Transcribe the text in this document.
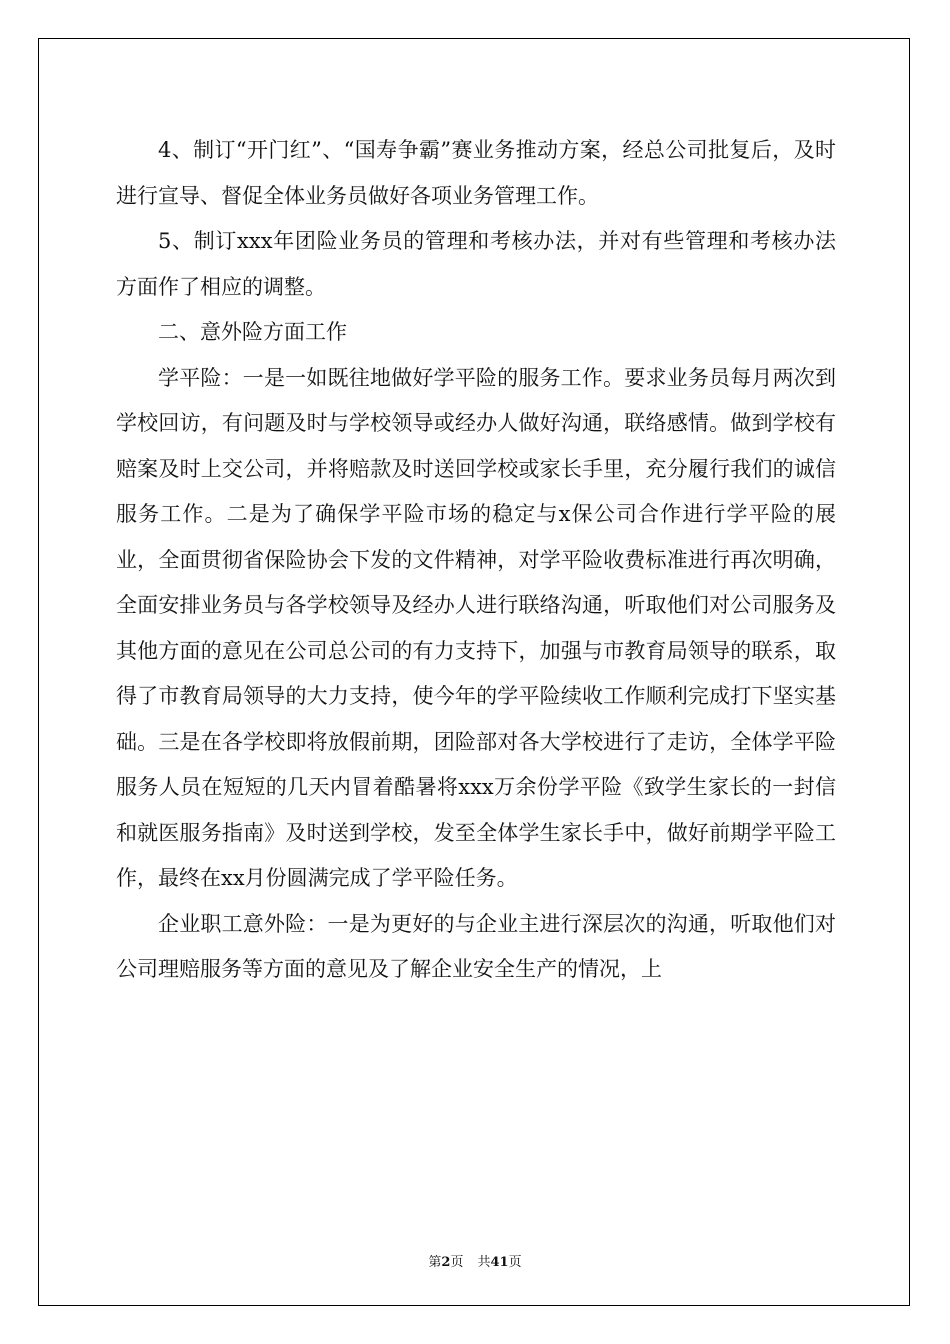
4、制订“开门红”、“国寿争霸”赛业务推动方案，经总公司批复后，及时进行宣导、督促全体业务员做好各项业务管理工作。

5、制订xxx年团险业务员的管理和考核办法，并对有些管理和考核办法方面作了相应的调整。

二、意外险方面工作

学平险：一是一如既往地做好学平险的服务工作。要求业务员每月两次到学校回访，有问题及时与学校领导或经办人做好沟通，联络感情。做到学校有赔案及时上交公司，并将赔款及时送回学校或家长手里，充分履行我们的诚信服务工作。二是为了确保学平险市场的稳定与x保公司合作进行学平险的展业，全面贯彻省保险协会下发的文件精神，对学平险收费标准进行再次明确，全面安排业务员与各学校领导及经办人进行联络沟通，听取他们对公司服务及其他方面的意见在公司总公司的有力支持下，加强与市教育局领导的联系，取得了市教育局领导的大力支持，使今年的学平险续收工作顺利完成打下坚实基础。三是在各学校即将放假前期，团险部对各大学校进行了走访，全体学平险服务人员在短短的几天内冒着酷暑将xxx万余份学平险《致学生家长的一封信和就医服务指南》及时送到学校，发至全体学生家长手中，做好前期学平险工作，最终在xx月份圆满完成了学平险任务。

企业职工意外险：一是为更好的与企业主进行深层次的沟通，听取他们对公司理赔服务等方面的意见及了解企业安全生产的情况，上

第2页 共41页
